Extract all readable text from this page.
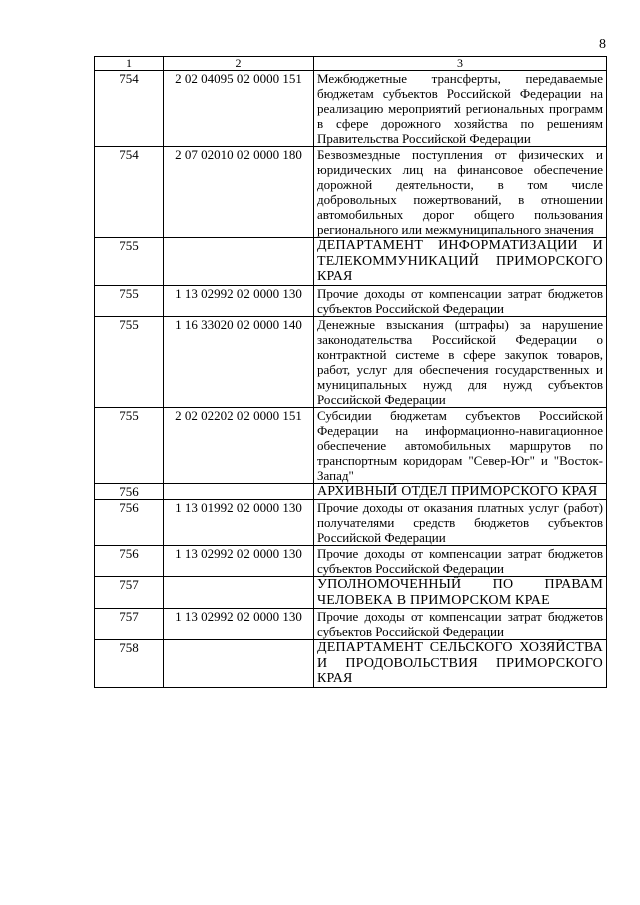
8
1	2	3
754	2 02 04095 02 0000 151	Межбюджетные трансферты, передаваемые бюджетам субъектов Российской Федерации на реализацию мероприятий региональных программ в сфере дорожного хозяйства по решениям Правительства Российской Федерации
754	2 07 02010 02 0000 180	Безвозмездные поступления от физических и юридических лиц на финансовое обеспечение дорожной деятельности, в том числе добровольных пожертвований, в отношении автомобильных дорог общего пользования регионального или межмуниципального значения
755		ДЕПАРТАМЕНТ ИНФОРМАТИЗАЦИИ И ТЕЛЕКОММУНИКАЦИЙ ПРИМОРСКОГО КРАЯ
755	1 13 02992 02 0000 130	Прочие доходы от компенсации затрат бюджетов субъектов Российской Федерации
755	1 16 33020 02 0000 140	Денежные взыскания (штрафы) за нарушение законодательства Российской Федерации о контрактной системе в сфере закупок товаров, работ, услуг для обеспечения государственных и муниципальных нужд для нужд субъектов Российской Федерации
755	2 02 02202 02 0000 151	Субсидии бюджетам субъектов Российской Федерации на информационно-навигационное обеспечение автомобильных маршрутов по транспортным коридорам "Север-Юг" и "Восток-Запад"
756		АРХИВНЫЙ ОТДЕЛ ПРИМОРСКОГО КРАЯ
756	1 13 01992 02 0000 130	Прочие доходы от оказания платных услуг (работ) получателями средств бюджетов субъектов Российской Федерации
756	1 13 02992 02 0000 130	Прочие доходы от компенсации затрат бюджетов субъектов Российской Федерации
757		УПОЛНОМОЧЕННЫЙ ПО ПРАВАМ ЧЕЛОВЕКА В ПРИМОРСКОМ КРАЕ
757	1 13 02992 02 0000 130	Прочие доходы от компенсации затрат бюджетов субъектов Российской Федерации
758		ДЕПАРТАМЕНТ СЕЛЬСКОГО ХОЗЯЙСТВА И ПРОДОВОЛЬСТВИЯ ПРИМОРСКОГО КРАЯ
